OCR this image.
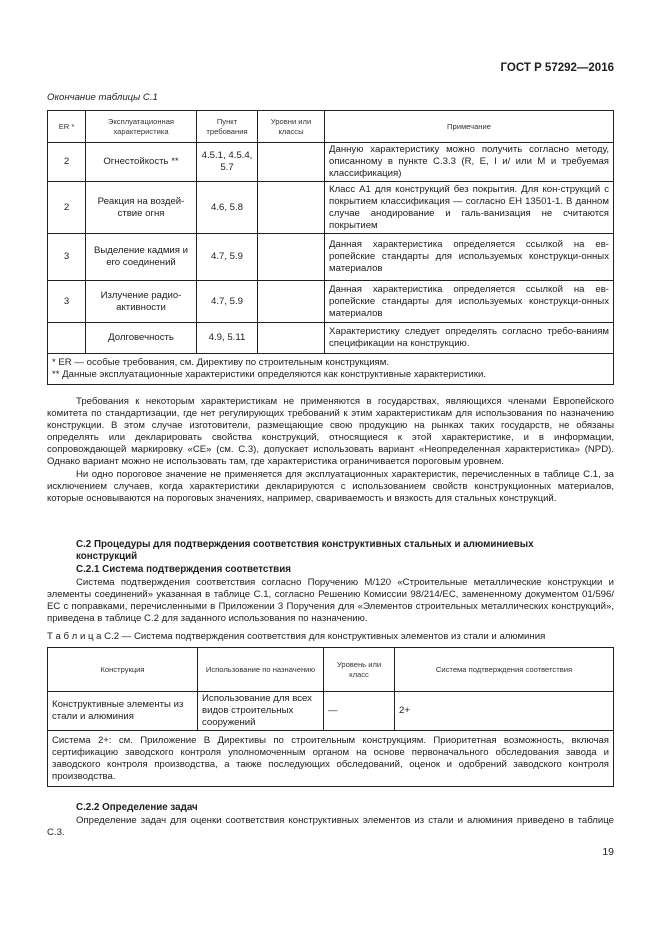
ГОСТ Р 57292—2016
Окончание таблицы С.1
ER *	Эксплуатационная характеристика	Пункт требования	Уровни или классы	Примечание
2	Огнестойкость **	4.5.1, 4.5.4, 5.7		Данную характеристику можно получить согласно методу, описанному в пункте С.3.3 (R, E, I и/ или M и требуемая классификация)
2	Реакция на воздей-ствие огня	4.6, 5.8		Класс А1 для конструкций без покрытия. Для кон-струкций с покрытием классификация — согласно ЕН 13501-1. В данном случае анодирование и галь-ванизация не считаются покрытием
3	Выделение кадмия и его соединений	4.7, 5.9		Данная характеристика определяется ссылкой на ев-ропейские стандарты для используемых конструкци-онных материалов
3	Излучение радио-активности	4.7, 5.9		Данная характеристика определяется ссылкой на ев-ропейские стандарты для используемых конструкци-онных материалов
	Долговечность	4.9, 5.11		Характеристику следует определять согласно требо-ваниям спецификации на конструкцию.

* ER — особые требования, см. Директиву по строительным конструкциям.
** Данные эксплуатационные характеристики определяются как конструктивные характеристики.				

Требования к некоторым характеристикам не применяются в государствах, являющихся членами Европейского комитета по стандартизации, где нет регулирующих требований к этим характеристикам для использования по назначению конструкции. В этом случае изготовители, размещающие свою продукцию на рынках таких государств, не обязаны определять или декларировать свойства конструкций, относящиеся к этой характеристике, и в информации, сопровождающей маркировку «СЕ» (см. С.3), допускает использовать вариант «Неопределенная характеристика» (NPD). Однако вариант можно не использовать там, где характеристика ограничивается пороговым уровнем.

Ни одно пороговое значение не применяется для эксплуатационных характеристик, перечисленных в таблице С.1, за исключением случаев, когда характеристики декларируются с использованием свойств конструкционных материалов, которые основываются на пороговых значениях, например, свариваемость и вязкость для стальных конструкций.

С.2 Процедуры для подтверждения соответствия конструктивных стальных и алюминиевых конструкций
С.2.1 Система подтверждения соответствия

Система подтверждения соответствия согласно Поручению М/120 «Строительные металлические конструкции и элементы соединений» указанная в таблице С.1, согласно Решению Комиссии 98/214/ЕС, замененному документом 01/596/ЕС с поправками, перечисленными в Приложении 3 Поручения для «Элементов строительных металлических конструкций», приведена в таблице С.2 для заданного использования по назначению.

Т а б л и ц а С.2 — Система подтверждения соответствия для конструктивных элементов из стали и алюминия
Конструкция	Использование по назначению	Уровень или класс	Система подтверждения соответствия
Конструктивные элементы из стали и алюминия	Использование для всех видов строительных сооружений	—	2+
Система 2+: см. Приложение В Директивы по строительным конструкциям. Приоритетная возможность, включая сертификацию заводского контроля уполномоченным органом на основе первоначального обследования завода и заводского контроля производства, а также последующих обследований, оценок и одобрений заводского контроля производства.			
С.2.2 Определение задач

Определение задач для оценки соответствия конструктивных элементов из стали и алюминия приведено в таблице С.3.

19
